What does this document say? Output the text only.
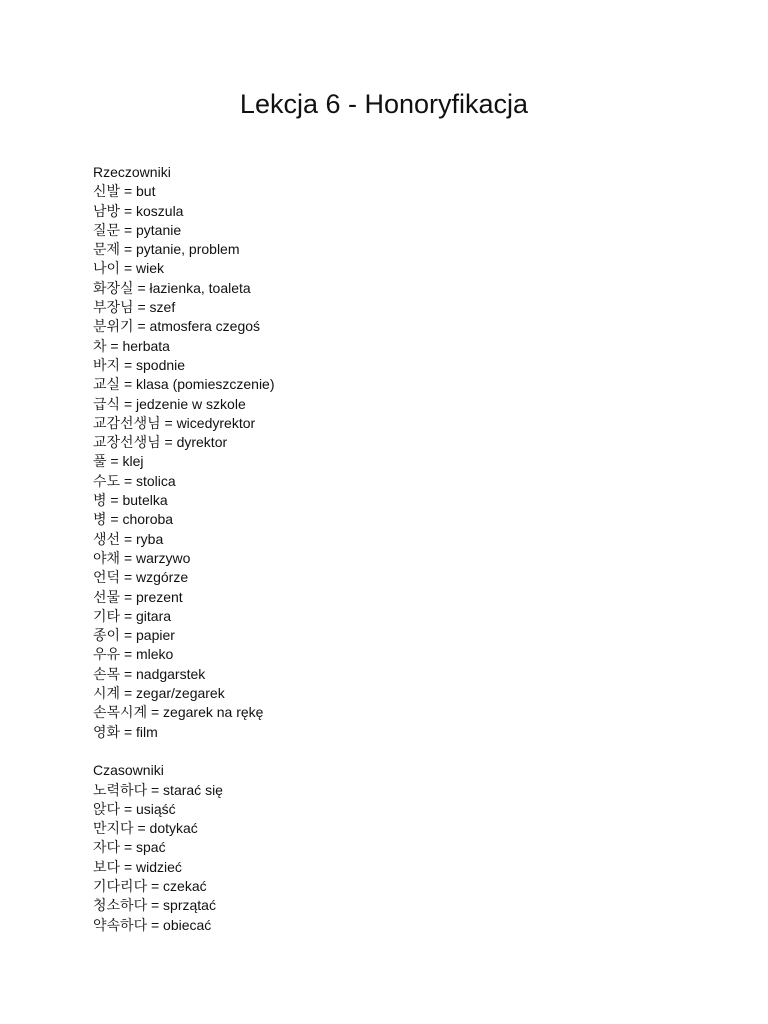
Lekcja 6 - Honoryfikacja
Rzeczowniki
신발 = but
남방 = koszula
질문 = pytanie
문제 = pytanie, problem
나이 = wiek
화장실 = łazienka, toaleta
부장님 = szef
분위기 = atmosfera czegoś
차 = herbata
바지 = spodnie
교실 = klasa (pomieszczenie)
급식 = jedzenie w szkole
교감선생님 = wicedyrektor
교장선생님 = dyrektor
풀 = klej
수도 = stolica
병 = butelka
병 = choroba
생선 = ryba
야채 = warzywo
언덕 = wzgórze
선물 = prezent
기타 = gitara
종이 = papier
우유 = mleko
손목 = nadgarstek
시계 = zegar/zegarek
손목시계 = zegarek na rękę
영화 = film
Czasowniki
노력하다 = starać się
앉다 = usiąść
만지다 = dotykać
자다 = spać
보다 = widzieć
기다리다 = czekać
청소하다 = sprzątać
약속하다 = obiecać
